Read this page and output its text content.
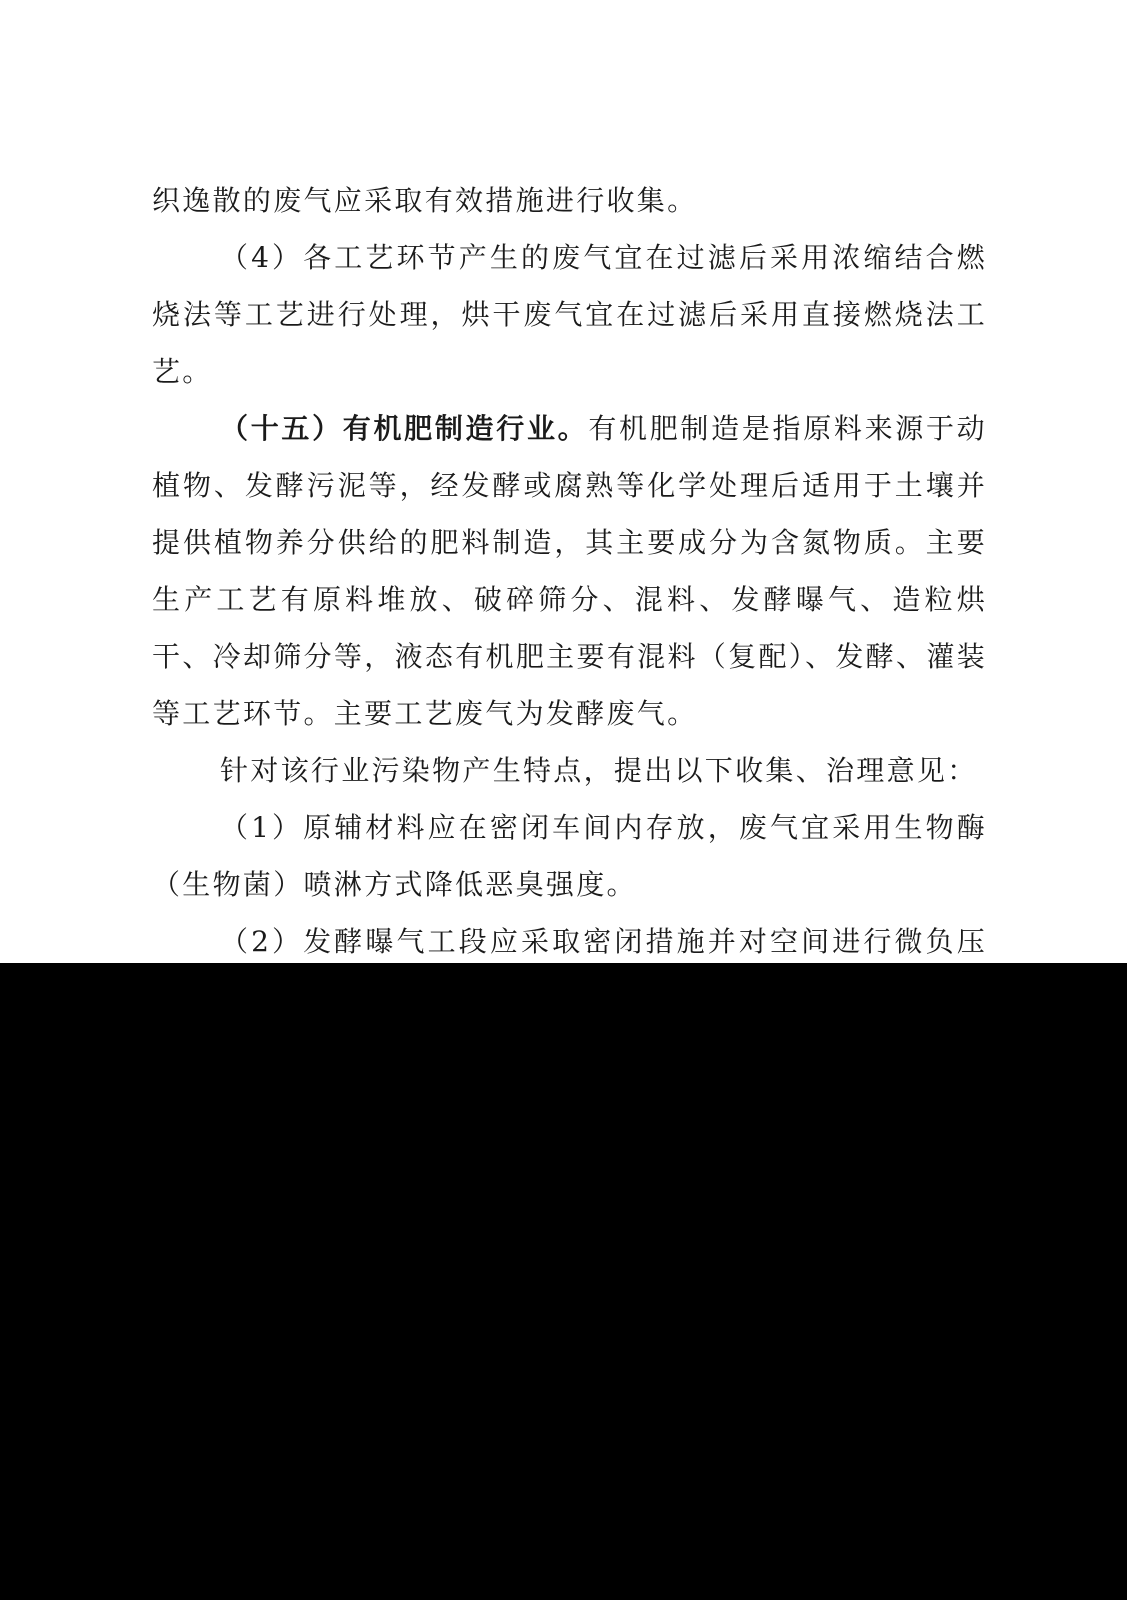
织逸散的废气应采取有效措施进行收集。

（4）各工艺环节产生的废气宜在过滤后采用浓缩结合燃烧法等工艺进行处理，烘干废气宜在过滤后采用直接燃烧法工艺。

（十五）有机肥制造行业。有机肥制造是指原料来源于动植物、发酵污泥等，经发酵或腐熟等化学处理后适用于土壤并提供植物养分供给的肥料制造，其主要成分为含氮物质。主要生产工艺有原料堆放、破碎筛分、混料、发酵曝气、造粒烘干、冷却筛分等，液态有机肥主要有混料（复配）、发酵、灌装等工艺环节。主要工艺废气为发酵废气。

针对该行业污染物产生特点，提出以下收集、治理意见：

（1）原辅材料应在密闭车间内存放，废气宜采用生物酶（生物菌）喷淋方式降低恶臭强度。

（2）发酵曝气工段应采取密闭措施并对空间进行微负压
